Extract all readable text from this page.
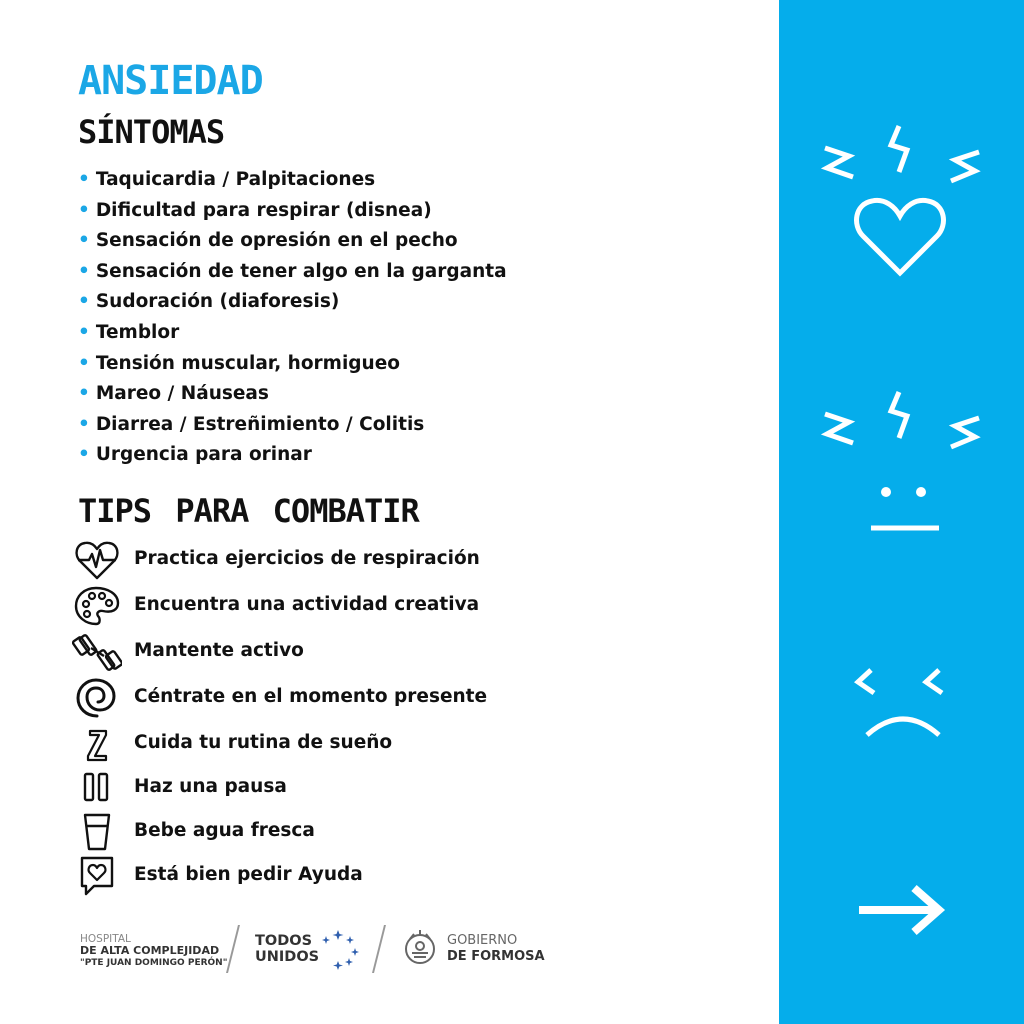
ANSIEDAD
SÍNTOMAS
• Taquicardia / Palpitaciones
• Dificultad para respirar (disnea)
• Sensación de opresión en el pecho
• Sensación de tener algo en la garganta
• Sudoración (diaforesis)
• Temblor
• Tensión muscular, hormigueo
• Mareo / Náuseas
• Diarrea / Estreñimiento / Colitis
• Urgencia para orinar
TIPS PARA COMBATIR
Practica ejercicios de respiración
Encuentra una actividad creativa
Mantente activo
Céntrate en el momento presente
Cuida tu rutina de sueño
Haz una pausa
Bebe agua fresca
Está bien pedir Ayuda
HOSPITAL
DE ALTA COMPLEJIDAD
"PTE JUAN DOMINGO PERÓN"
TODOS
UNIDOS
GOBIERNO
DE FORMOSA
